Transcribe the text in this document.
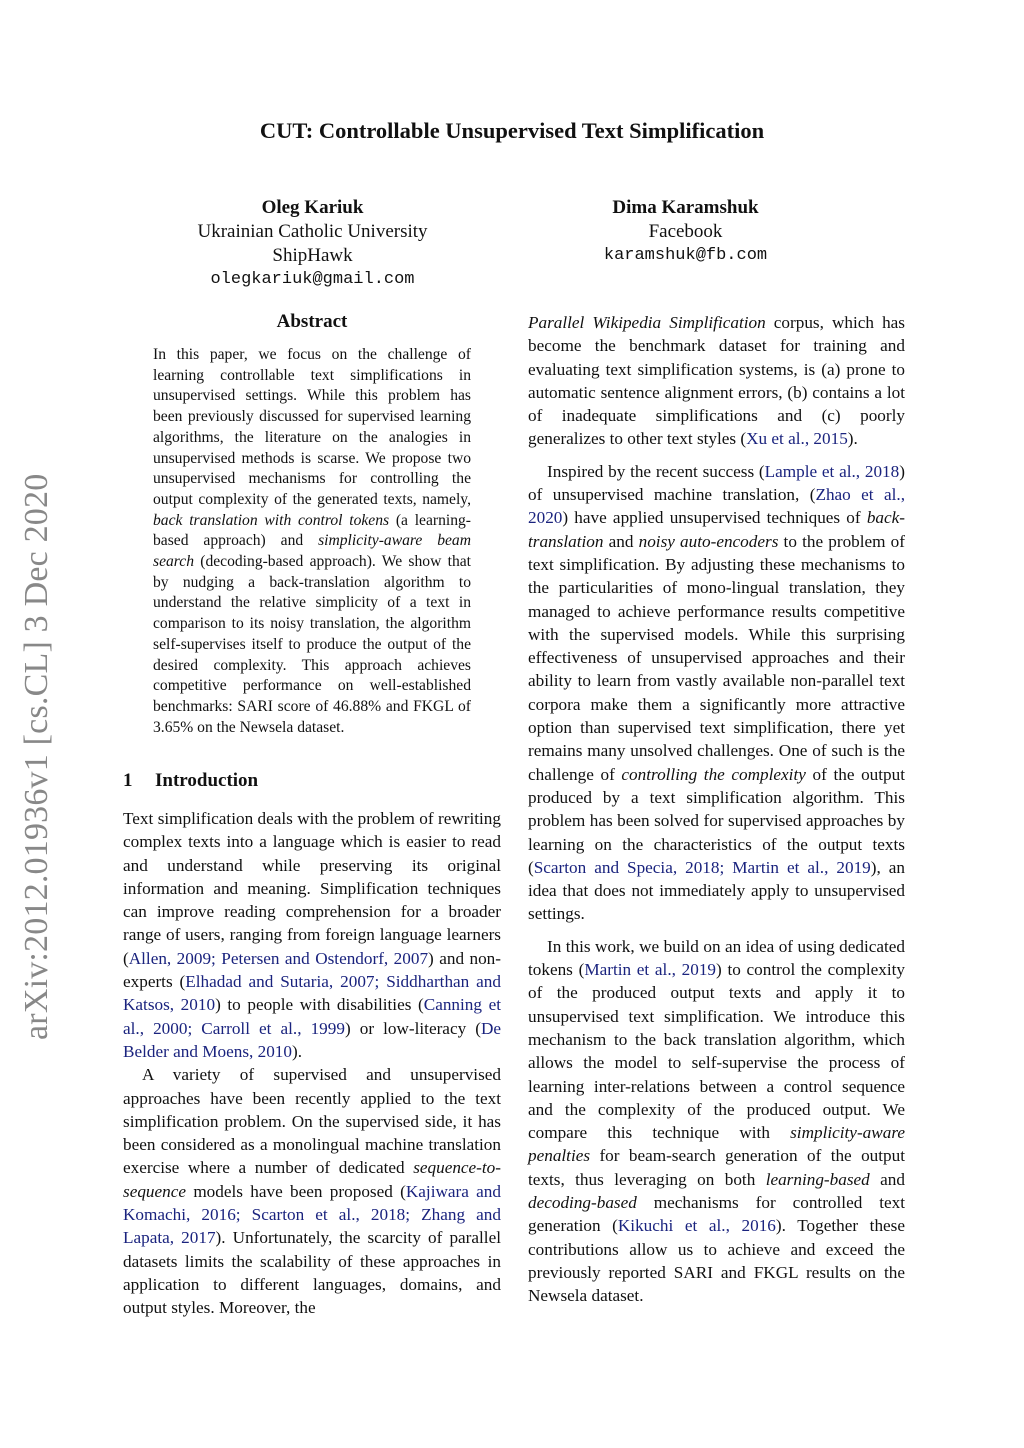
arXiv:2012.01936v1 [cs.CL] 3 Dec 2020
CUT: Controllable Unsupervised Text Simplification
Oleg Kariuk
Ukrainian Catholic University
ShipHawk
olegkariuk@gmail.com
Dima Karamshuk
Facebook
karamshuk@fb.com
Abstract
In this paper, we focus on the challenge of learning controllable text simplifications in unsupervised settings. While this problem has been previously discussed for supervised learning algorithms, the literature on the analogies in unsupervised methods is scarse. We propose two unsupervised mechanisms for controlling the output complexity of the generated texts, namely, back translation with control tokens (a learning-based approach) and simplicity-aware beam search (decoding-based approach). We show that by nudging a back-translation algorithm to understand the relative simplicity of a text in comparison to its noisy translation, the algorithm self-supervises itself to produce the output of the desired complexity. This approach achieves competitive performance on well-established benchmarks: SARI score of 46.88% and FKGL of 3.65% on the Newsela dataset.
1 Introduction

Text simplification deals with the problem of rewriting complex texts into a language which is easier to read and understand while preserving its original information and meaning. Simplification techniques can improve reading comprehension for a broader range of users, ranging from foreign language learners (Allen, 2009; Petersen and Ostendorf, 2007) and non-experts (Elhadad and Sutaria, 2007; Siddharthan and Katsos, 2010) to people with disabilities (Canning et al., 2000; Carroll et al., 1999) or low-literacy (De Belder and Moens, 2010).

A variety of supervised and unsupervised approaches have been recently applied to the text simplification problem. On the supervised side, it has been considered as a monolingual machine translation exercise where a number of dedicated sequence-to-sequence models have been proposed (Kajiwara and Komachi, 2016; Scarton et al., 2018; Zhang and Lapata, 2017). Unfortunately, the scarcity of parallel datasets limits the scalability of these approaches in application to different languages, domains, and output styles. Moreover, the

Parallel Wikipedia Simplification corpus, which has become the benchmark dataset for training and evaluating text simplification systems, is (a) prone to automatic sentence alignment errors, (b) contains a lot of inadequate simplifications and (c) poorly generalizes to other text styles (Xu et al., 2015).

Inspired by the recent success (Lample et al., 2018) of unsupervised machine translation, (Zhao et al., 2020) have applied unsupervised techniques of back-translation and noisy auto-encoders to the problem of text simplification. By adjusting these mechanisms to the particularities of mono-lingual translation, they managed to achieve performance results competitive with the supervised models. While this surprising effectiveness of unsupervised approaches and their ability to learn from vastly available non-parallel text corpora make them a significantly more attractive option than supervised text simplification, there yet remains many unsolved challenges. One of such is the challenge of controlling the complexity of the output produced by a text simplification algorithm. This problem has been solved for supervised approaches by learning on the characteristics of the output texts (Scarton and Specia, 2018; Martin et al., 2019), an idea that does not immediately apply to unsupervised settings.

In this work, we build on an idea of using dedicated tokens (Martin et al., 2019) to control the complexity of the produced output texts and apply it to unsupervised text simplification. We introduce this mechanism to the back translation algorithm, which allows the model to self-supervise the process of learning inter-relations between a control sequence and the complexity of the produced output. We compare this technique with simplicity-aware penalties for beam-search generation of the output texts, thus leveraging on both learning-based and decoding-based mechanisms for controlled text generation (Kikuchi et al., 2016). Together these contributions allow us to achieve and exceed the previously reported SARI and FKGL results on the Newsela dataset.
